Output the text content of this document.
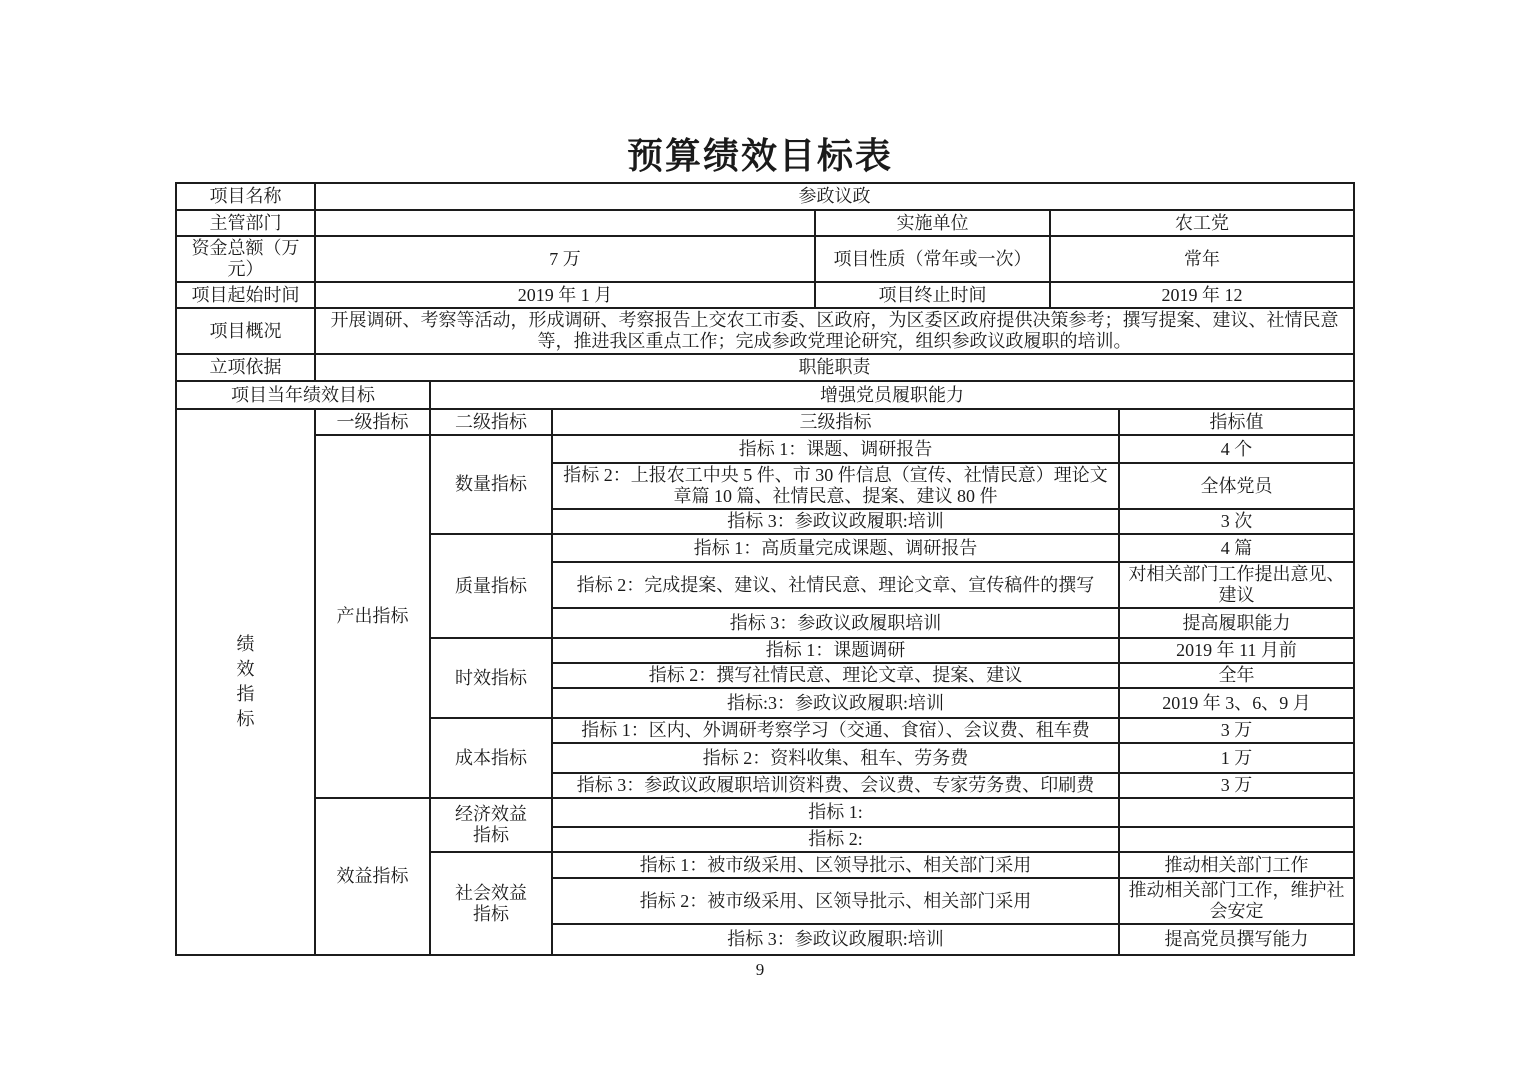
预算绩效目标表
项目名称	参政议政					
主管部门				实施单位	农工党	
资金总额（万元）	7 万			项目性质（常年或一次）	常年	
项目起始时间	2019 年 1 月			项目终止时间	2019 年 12	
项目概况	开展调研、考察等活动，形成调研、考察报告上交农工市委、区政府，为区委区政府提供决策参考；撰写提案、建议、社情民意等，推进我区重点工作；完成参政党理论研究，组织参政议政履职的培训。					
立项依据	职能职责					
项目当年绩效目标		增强党员履职能力				

绩效指标	一级指标	二级指标	三级指标			指标值
	产出指标	数量指标	指标 1：课题、调研报告			4 个
			指标 2：上报农工中央 5 件、市 30 件信息（宣传、社情民意）理论文章篇 10 篇、社情民意、提案、建议 80 件			全体党员
			指标 3：参政议政履职:培训			3 次
		质量指标	指标 1：高质量完成课题、调研报告			4 篇
			指标 2：完成提案、建议、社情民意、理论文章、宣传稿件的撰写			对相关部门工作提出意见、建议
			指标 3：参政议政履职培训			提高履职能力
		时效指标	指标 1：课题调研			2019 年 11 月前
			指标 2：撰写社情民意、理论文章、提案、建议			全年
			指标:3：参政议政履职:培训			2019 年 3、6、9 月
		成本指标	指标 1：区内、外调研考察学习（交通、食宿）、会议费、租车费			3 万
			指标 2：资料收集、租车、劳务费			1 万
			指标 3：参政议政履职培训资料费、会议费、专家劳务费、印刷费			3 万
	效益指标	经济效益指标	指标 1:			
			指标 2:			

		社会效益指标	指标 1：被市级采用、区领导批示、相关部门采用			推动相关部门工作
			指标 2：被市级采用、区领导批示、相关部门采用			推动相关部门工作，维护社会安定
			指标 3：参政议政履职:培训			提高党员撰写能力
9
